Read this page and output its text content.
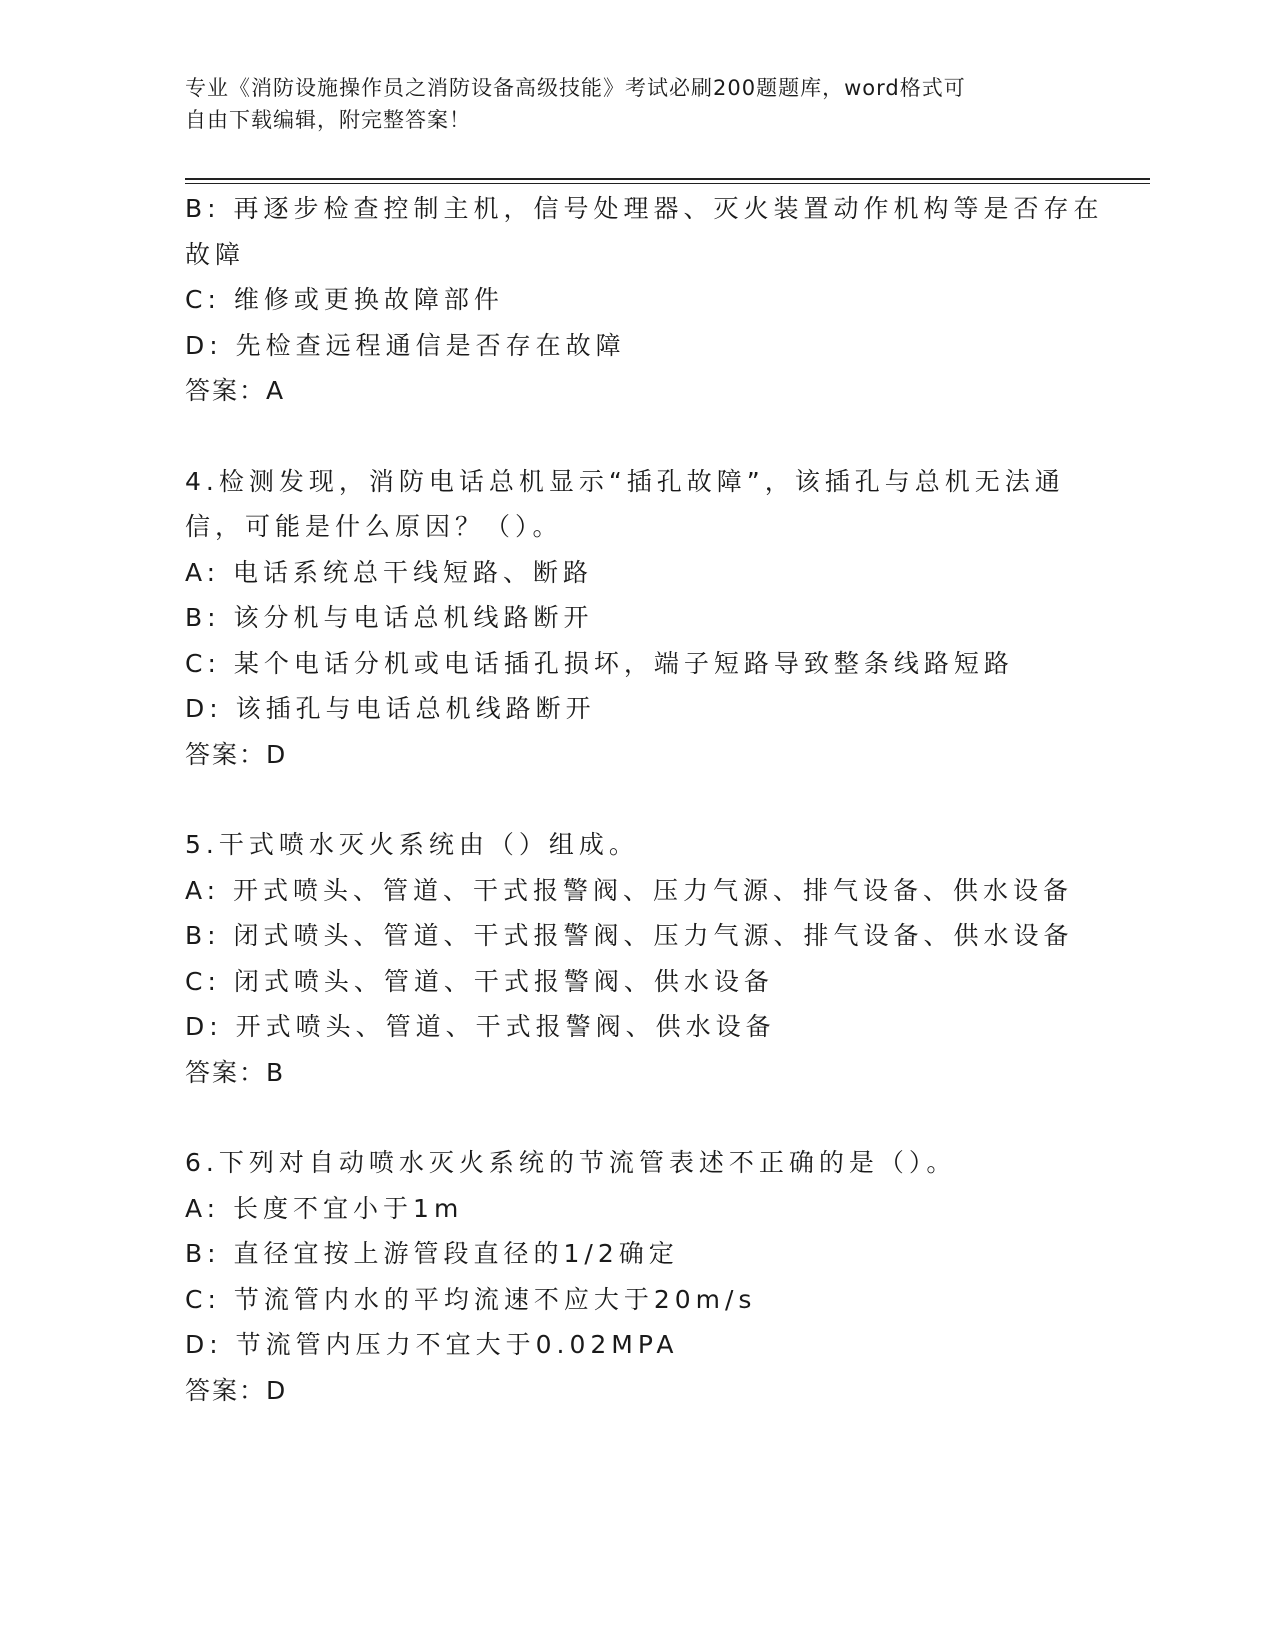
专业《消防设施操作员之消防设备高级技能》考试必刷200题题库，word格式可
自由下载编辑，附完整答案！
B: 再逐步检查控制主机，信号处理器、灭火装置动作机构等是否存在
故障
C: 维修或更换故障部件
D: 先检查远程通信是否存在故障
答案：A
4.检测发现，消防电话总机显示“插孔故障”，该插孔与总机无法通
信，可能是什么原因？（）。
A: 电话系统总干线短路、断路
B: 该分机与电话总机线路断开
C: 某个电话分机或电话插孔损坏，端子短路导致整条线路短路
D: 该插孔与电话总机线路断开
答案：D
5.干式喷水灭火系统由（）组成。
A: 开式喷头、管道、干式报警阀、压力气源、排气设备、供水设备
B: 闭式喷头、管道、干式报警阀、压力气源、排气设备、供水设备
C: 闭式喷头、管道、干式报警阀、供水设备
D: 开式喷头、管道、干式报警阀、供水设备
答案：B
6.下列对自动喷水灭火系统的节流管表述不正确的是（）。
A: 长度不宜小于1m
B: 直径宜按上游管段直径的1/2确定
C: 节流管内水的平均流速不应大于20m/s
D: 节流管内压力不宜大于0.02MPA
答案：D
